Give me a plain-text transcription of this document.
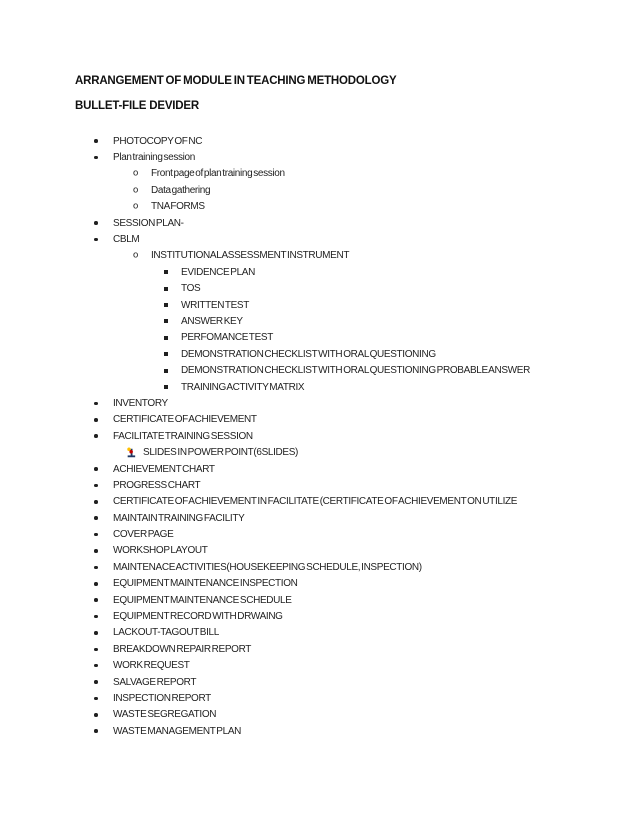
ARRANGEMENT OF MODULE IN TEACHING METHODOLOGY
BULLET-FILE DEVIDER
PHOTOCOPY OF NC
Plan training session
o Front page of plan training session
o Data gathering
o TNA FORMS
SESSION PLAN-
CBLM
o INSTITUTIONAL ASSESSMENT INSTRUMENT
EVIDENCE PLAN
TOS
WRITTEN TEST
ANSWER KEY
PERFOMANCE TEST
DEMONSTRATION CHECKLIST WITH ORAL QUESTIONING
DEMONSTRATION CHECKLIST WITH ORAL QUESTIONING PROBABLE ANSWER
TRAINING ACTIVITY MATRIX
INVENTORY
CERTIFICATE OF ACHIEVEMENT
FACILITATE TRAINING SESSION
SLIDES IN POWER POINT(6SLIDES)
ACHIEVEMENT CHART
PROGRESS CHART
CERTIFICATE OF ACHIEVEMENT IN FACILITATE (CERTIFICATE OF ACHIEVEMENT ON UTILIZE
MAINTAIN TRAINING FACILITY
COVER PAGE
WORKSHOP LAYOUT
MAINTENACE ACTIVITIES(HOUSEKEEPING SCHEDULE, INSPECTION)
EQUIPMENT MAINTENANCE INSPECTION
EQUIPMENT MAINTENANCE SCHEDULE
EQUIPMENT RECORD WITH DRWAING
LACKOUT-TAGOUT BILL
BREAKDOWN REPAIR REPORT
WORK REQUEST
SALVAGE REPORT
INSPECTION REPORT
WASTE SEGREGATION
WASTE MANAGEMENT PLAN
